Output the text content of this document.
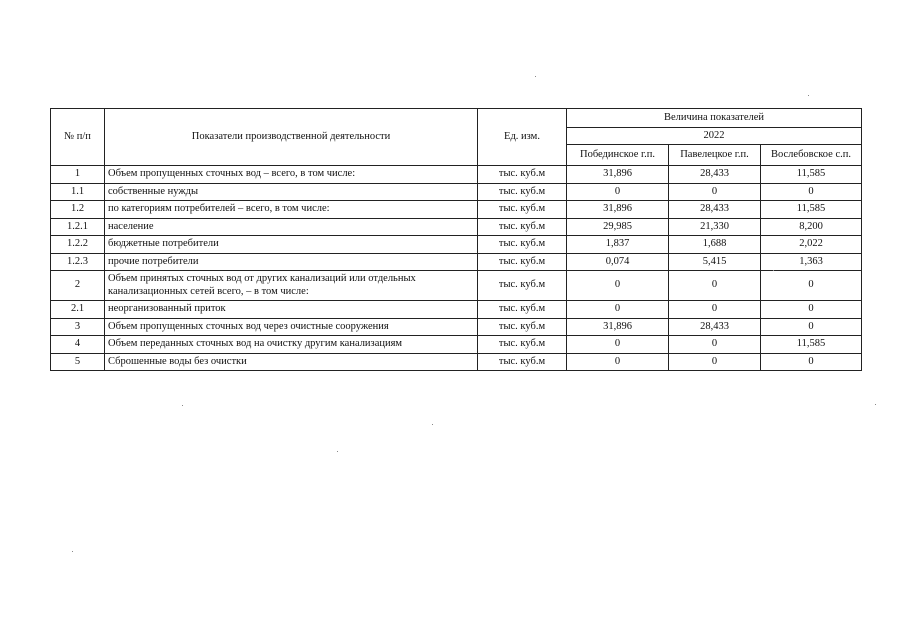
№ п/п	Показатели производственной деятельности	Ед. изм.	Величина показателей		
			2022		
			Побединское г.п.	Павелецкое г.п.	Вослебовское с.п.
1	Объем пропущенных сточных вод – всего, в том числе:	тыс. куб.м	31,896	28,433	11,585
1.1	собственные нужды	тыс. куб.м	0	0	0
1.2	по категориям потребителей – всего, в том числе:	тыс. куб.м	31,896	28,433	11,585
1.2.1	население	тыс. куб.м	29,985	21,330	8,200
1.2.2	бюджетные потребители	тыс. куб.м	1,837	1,688	2,022
1.2.3	прочие потребители	тыс. куб.м	0,074	5,415	1,363
2	Объем принятых сточных вод от других канализаций или отдельных канализационных сетей всего, – в том числе:	тыс. куб.м	0	0	0
2.1	неорганизованный приток	тыс. куб.м	0	0	0
3	Объем пропущенных сточных вод через очистные сооружения	тыс. куб.м	31,896	28,433	0
4	Объем переданных сточных вод на очистку другим канализациям	тыс. куб.м	0	0	11,585
5	Сброшенные воды без очистки	тыс. куб.м	0	0	0
